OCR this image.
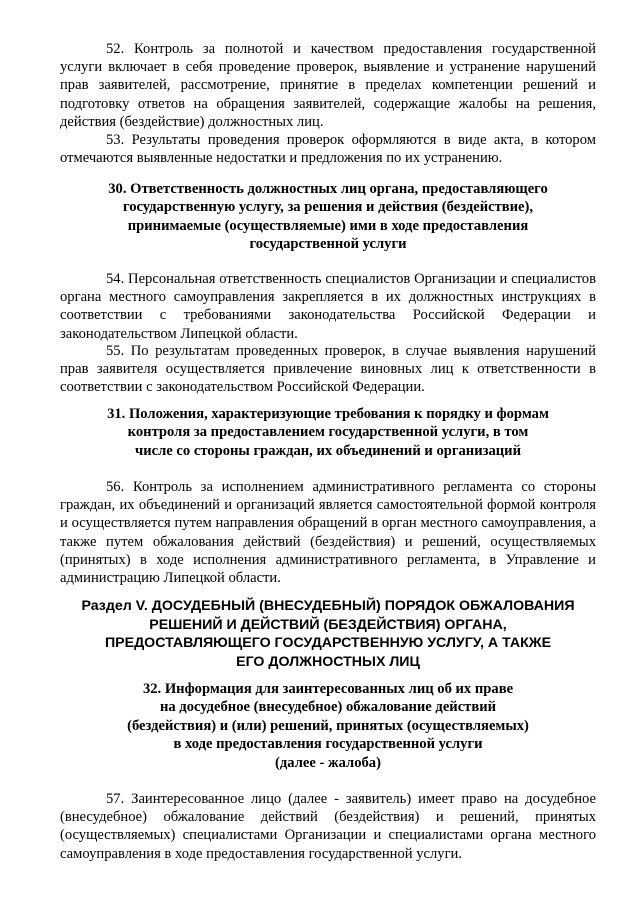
52. Контроль за полнотой и качеством предоставления государственной услуги включает в себя проведение проверок, выявление и устранение нарушений прав заявителей, рассмотрение, принятие в пределах компетенции решений и подготовку ответов на обращения заявителей, содержащие жалобы на решения, действия (бездействие) должностных лиц.

53. Результаты проведения проверок оформляются в виде акта, в котором отмечаются выявленные недостатки и предложения по их устранению.

30. Ответственность должностных лиц органа, предоставляющего
государственную услугу, за решения и действия (бездействие),
принимаемые (осуществляемые) ими в ходе предоставления
государственной услуги

54. Персональная ответственность специалистов Организации и специалистов органа местного самоуправления закрепляется в их должностных инструкциях в соответствии с требованиями законодательства Российской Федерации и законодательством Липецкой области.

55. По результатам проведенных проверок, в случае выявления нарушений прав заявителя осуществляется привлечение виновных лиц к ответственности в соответствии с законодательством Российской Федерации.

31. Положения, характеризующие требования к порядку и формам
контроля за предоставлением государственной услуги, в том
числе со стороны граждан, их объединений и организаций

56. Контроль за исполнением административного регламента со стороны граждан, их объединений и организаций является самостоятельной формой контроля и осуществляется путем направления обращений в орган местного самоуправления, а также путем обжалования действий (бездействия) и решений, осуществляемых (принятых) в ходе исполнения административного регламента, в Управление и администрацию Липецкой области.

Раздел V. ДОСУДЕБНЫЙ (ВНЕСУДЕБНЫЙ) ПОРЯДОК ОБЖАЛОВАНИЯ
РЕШЕНИЙ И ДЕЙСТВИЙ (БЕЗДЕЙСТВИЯ) ОРГАНА,
ПРЕДОСТАВЛЯЮЩЕГО ГОСУДАРСТВЕННУЮ УСЛУГУ, А ТАКЖЕ
ЕГО ДОЛЖНОСТНЫХ ЛИЦ
32. Информация для заинтересованных лиц об их праве
на досудебное (внесудебное) обжалование действий
(бездействия) и (или) решений, принятых (осуществляемых)
в ходе предоставления государственной услуги
(далее - жалоба)

57. Заинтересованное лицо (далее - заявитель) имеет право на досудебное (внесудебное) обжалование действий (бездействия) и решений, принятых (осуществляемых) специалистами Организации и специалистами органа местного самоуправления в ходе предоставления государственной услуги.
